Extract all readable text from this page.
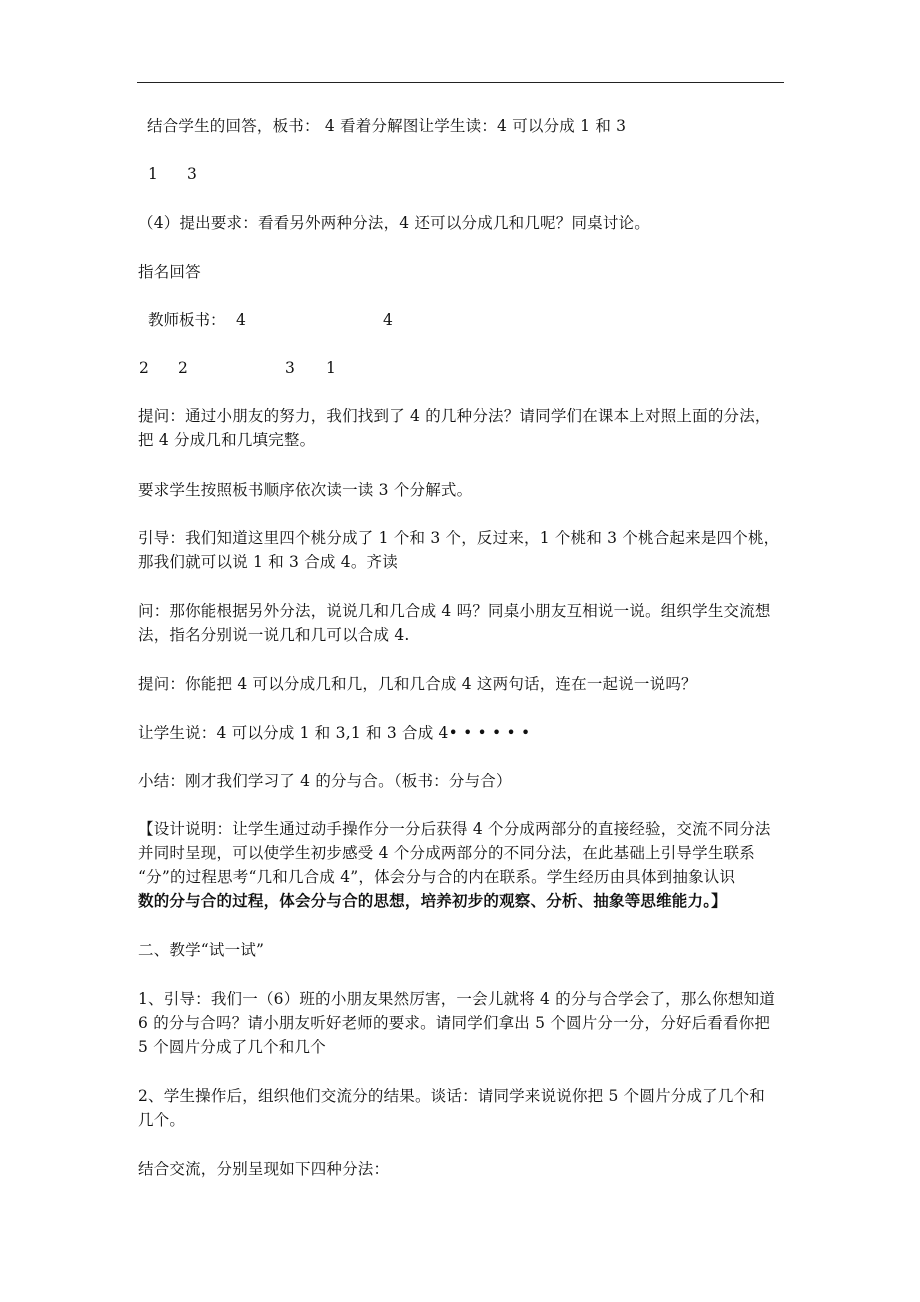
结合学生的回答，板书： 4 看着分解图让学生读：4 可以分成 1 和 3
1 3
（4）提出要求：看看另外两种分法，4 还可以分成几和几呢？同桌讨论。
指名回答
教师板书： 4	4
2 2	3 1
提问：通过小朋友的努力，我们找到了 4 的几种分法？请同学们在课本上对照上面的分法，
把 4 分成几和几填完整。
要求学生按照板书顺序依次读一读 3 个分解式。
引导：我们知道这里四个桃分成了 1 个和 3 个，反过来，1 个桃和 3 个桃合起来是四个桃，
那我们就可以说 1 和 3 合成 4。齐读
问：那你能根据另外分法，说说几和几合成 4 吗？同桌小朋友互相说一说。组织学生交流想
法，指名分别说一说几和几可以合成 4.
提问：你能把 4 可以分成几和几，几和几合成 4 这两句话，连在一起说一说吗？
让学生说：4 可以分成 1 和 3,1 和 3 合成 4• • • • • •
小结：刚才我们学习了 4 的分与合。（板书：分与合）
【设计说明：让学生通过动手操作分一分后获得 4 个分成两部分的直接经验，交流不同分法
并同时呈现，可以使学生初步感受 4 个分成两部分的不同分法，在此基础上引导学生联系
“分”的过程思考“几和几合成 4”，体会分与合的内在联系。学生经历由具体到抽象认识
数的分与合的过程，体会分与合的思想，培养初步的观察、分析、抽象等思维能力。】
二、教学“试一试”
1、引导：我们一（6）班的小朋友果然厉害，一会儿就将 4 的分与合学会了，那么你想知道
6 的分与合吗？请小朋友听好老师的要求。请同学们拿出 5 个圆片分一分，分好后看看你把
5 个圆片分成了几个和几个
2、学生操作后，组织他们交流分的结果。谈话：请同学来说说你把 5 个圆片分成了几个和
几个。
结合交流，分别呈现如下四种分法：
